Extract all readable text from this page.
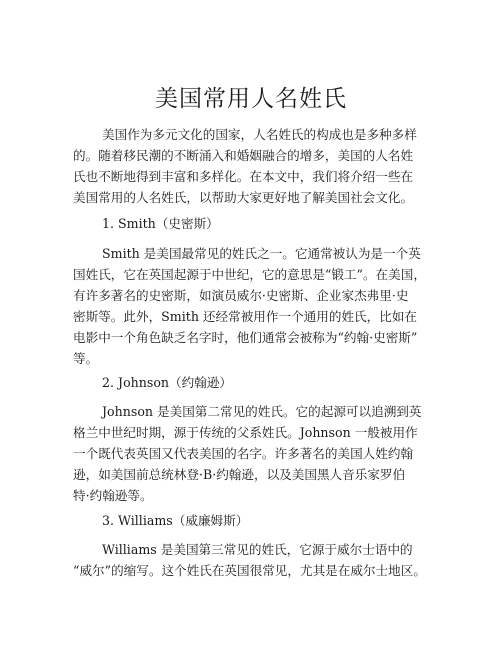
美国常用人名姓氏
美国作为多元文化的国家，人名姓氏的构成也是多种多样
的。随着移民潮的不断涌入和婚姻融合的增多，美国的人名姓
氏也不断地得到丰富和多样化。在本文中，我们将介绍一些在
美国常用的人名姓氏，以帮助大家更好地了解美国社会文化。
1. Smith（史密斯）
Smith 是美国最常见的姓氏之一。它通常被认为是一个英
国姓氏，它在英国起源于中世纪，它的意思是“锻工”。在美国，
有许多著名的史密斯，如演员威尔·史密斯、企业家杰弗里·史
密斯等。此外，Smith 还经常被用作一个通用的姓氏，比如在
电影中一个角色缺乏名字时，他们通常会被称为“约翰·史密斯”
等。
2. Johnson（约翰逊）
Johnson 是美国第二常见的姓氏。它的起源可以追溯到英
格兰中世纪时期，源于传统的父系姓氏。Johnson 一般被用作
一个既代表英国又代表美国的名字。许多著名的美国人姓约翰
逊，如美国前总统林登·B·约翰逊，以及美国黑人音乐家罗伯
特·约翰逊等。
3. Williams（威廉姆斯）
Williams 是美国第三常见的姓氏，它源于威尔士语中的
“威尔”的缩写。这个姓氏在英国很常见，尤其是在威尔士地区。
